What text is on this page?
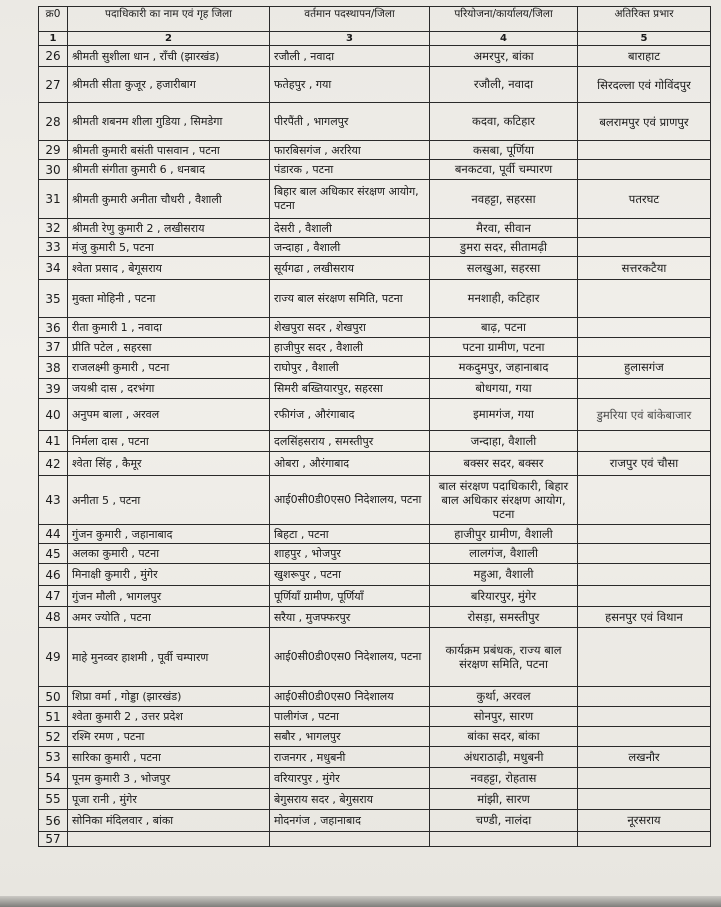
क्र0	पदाधिकारी का नाम एवं गृह जिला	वर्तमान पदस्थापन/जिला	परियोजना/कार्यालय/जिला	अतिरिक्त प्रभार
1	2	3	4	5
26	श्रीमती सुशीला धान , राँची (झारखंड)	रजौली , नवादा	अमरपुर, बांका	बाराहाट
27	श्रीमती सीता कुजूर , हजारीबाग	फतेहपुर , गया	रजौली, नवादा	सिरदल्ला एवं गोविंदपुर
28	श्रीमती शबनम शीला गुडिया , सिमडेगा	पीरपैंती , भागलपुर	कदवा, कटिहार	बलरामपुर एवं प्राणपुर
29	श्रीमती कुमारी बसंती पासवान , पटना	फारबिसगंज , अररिया	कसबा, पूर्णिया	
30	श्रीमती संगीता कुमारी 6 , धनबाद	पंडारक , पटना	बनकटवा, पूर्वी चम्पारण	
31	श्रीमती कुमारी अनीता चौधरी , वैशाली	बिहार बाल अधिकार संरक्षण आयोग, पटना	नवहट्टा, सहरसा	पतरघट
32	श्रीमती रेणु कुमारी 2 , लखीसराय	देसरी , वैशाली	मैरवा, सीवान	
33	मंजु कुमारी 5, पटना	जन्दाहा , वैशाली	डुमरा सदर, सीतामढ़ी	
34	श्वेता प्रसाद , बेगूसराय	सूर्यगढा , लखीसराय	सलखुआ, सहरसा	सत्तरकटैया
35	मुक्ता मोहिनी , पटना	राज्य बाल संरक्षण समिति, पटना	मनशाही, कटिहार	
36	रीता कुमारी 1 , नवादा	शेखपुरा सदर , शेखपुरा	बाढ़, पटना	
37	प्रीति पटेल , सहरसा	हाजीपुर सदर , वैशाली	पटना ग्रामीण, पटना	
38	राजलक्ष्मी कुमारी , पटना	राघोपुर , वैशाली	मकदुमपुर, जहानाबाद	हुलासगंज
39	जयश्री दास , दरभंगा	सिमरी बख्तियारपुर, सहरसा	बोधगया, गया	
40	अनुपम बाला , अरवल	रफीगंज , औरंगाबाद	इमामगंज, गया	डुमरिया एवं बांकेबाजार
41	निर्मला दास , पटना	दलसिंहसराय , समस्तीपुर	जन्दाहा, वैशाली	
42	श्वेता सिंह , कैमूर	ओबरा , औरंगाबाद	बक्सर सदर, बक्सर	राजपुर एवं चौसा
43	अनीता 5 , पटना	आई0सी0डी0एस0 निदेशालय, पटना	बाल संरक्षण पदाधिकारी, बिहार बाल अधिकार संरक्षण आयोग, पटना	
44	गुंजन कुमारी , जहानाबाद	बिहटा , पटना	हाजीपुर ग्रामीण, वैशाली	
45	अलका कुमारी , पटना	शाहपुर , भोजपुर	लालगंज, वैशाली	
46	मिनाक्षी कुमारी , मुंगेर	खुशरूपुर , पटना	महुआ, वैशाली	
47	गुंजन मौली , भागलपुर	पूर्णियाँ ग्रामीण, पूर्णियाँ	बरियारपुर, मुंगेर	
48	अमर ज्योति , पटना	सरैया , मुजफ्फरपुर	रोसड़ा, समस्तीपुर	हसनपुर एवं विथान
49	माहे मुनव्वर हाशमी , पूर्वी चम्पारण	आई0सी0डी0एस0 निदेशालय, पटना	कार्यक्रम प्रबंधक, राज्य बाल संरक्षण समिति, पटना	
50	शिप्रा वर्मा , गोड्डा (झारखंड)	आई0सी0डी0एस0 निदेशालय	कुर्था, अरवल	
51	श्वेता कुमारी 2 , उत्तर प्रदेश	पालीगंज , पटना	सोनपुर, सारण	
52	रश्मि रमण , पटना	सबौर , भागलपुर	बांका सदर, बांका	
53	सारिका कुमारी , पटना	राजनगर , मधुबनी	अंधराठाढ़ी, मधुबनी	लखनौर
54	पूनम कुमारी 3 , भोजपुर	वरियारपुर , मुंगेर	नवहट्टा, रोहतास	
55	पूजा रानी , मुंगेर	बेगुसराय सदर , बेगुसराय	मांझी, सारण	
56	सोनिका मंदिलवार , बांका	मोदनगंज , जहानाबाद	चण्डी, नालंदा	नूरसराय
57				
